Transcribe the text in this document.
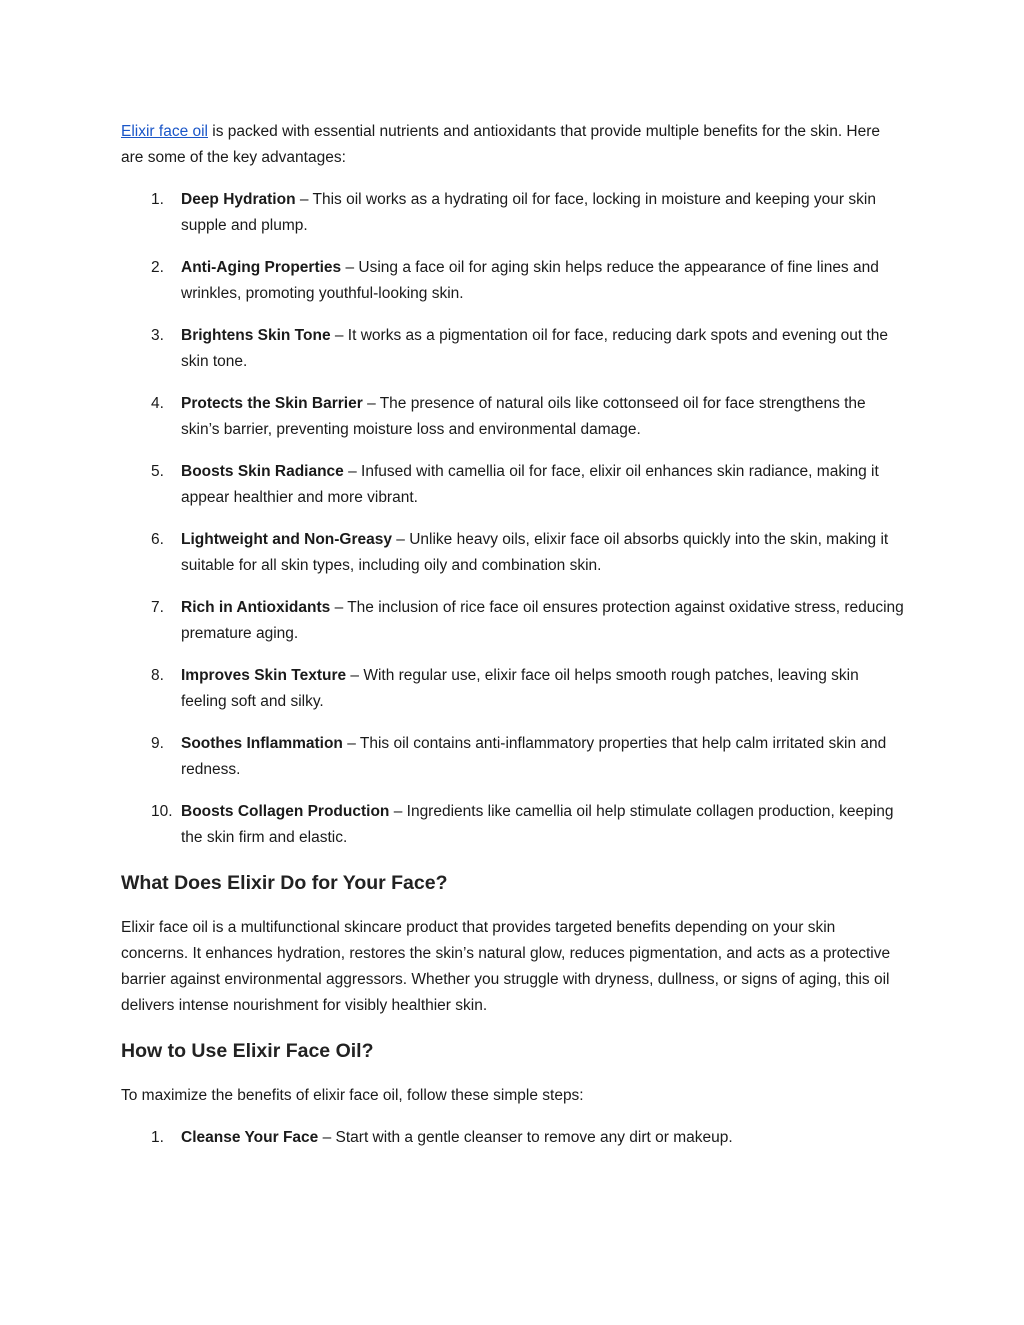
Elixir face oil is packed with essential nutrients and antioxidants that provide multiple benefits for the skin. Here are some of the key advantages:

1. Deep Hydration – This oil works as a hydrating oil for face, locking in moisture and keeping your skin supple and plump.
2. Anti-Aging Properties – Using a face oil for aging skin helps reduce the appearance of fine lines and wrinkles, promoting youthful-looking skin.
3. Brightens Skin Tone – It works as a pigmentation oil for face, reducing dark spots and evening out the skin tone.
4. Protects the Skin Barrier – The presence of natural oils like cottonseed oil for face strengthens the skin’s barrier, preventing moisture loss and environmental damage.
5. Boosts Skin Radiance – Infused with camellia oil for face, elixir oil enhances skin radiance, making it appear healthier and more vibrant.
6. Lightweight and Non-Greasy – Unlike heavy oils, elixir face oil absorbs quickly into the skin, making it suitable for all skin types, including oily and combination skin.
7. Rich in Antioxidants – The inclusion of rice face oil ensures protection against oxidative stress, reducing premature aging.
8. Improves Skin Texture – With regular use, elixir face oil helps smooth rough patches, leaving skin feeling soft and silky.
9. Soothes Inflammation – This oil contains anti-inflammatory properties that help calm irritated skin and redness.
10. Boosts Collagen Production – Ingredients like camellia oil help stimulate collagen production, keeping the skin firm and elastic.
What Does Elixir Do for Your Face?

Elixir face oil is a multifunctional skincare product that provides targeted benefits depending on your skin concerns. It enhances hydration, restores the skin’s natural glow, reduces pigmentation, and acts as a protective barrier against environmental aggressors. Whether you struggle with dryness, dullness, or signs of aging, this oil delivers intense nourishment for visibly healthier skin.

How to Use Elixir Face Oil?

To maximize the benefits of elixir face oil, follow these simple steps:

1. Cleanse Your Face – Start with a gentle cleanser to remove any dirt or makeup.
